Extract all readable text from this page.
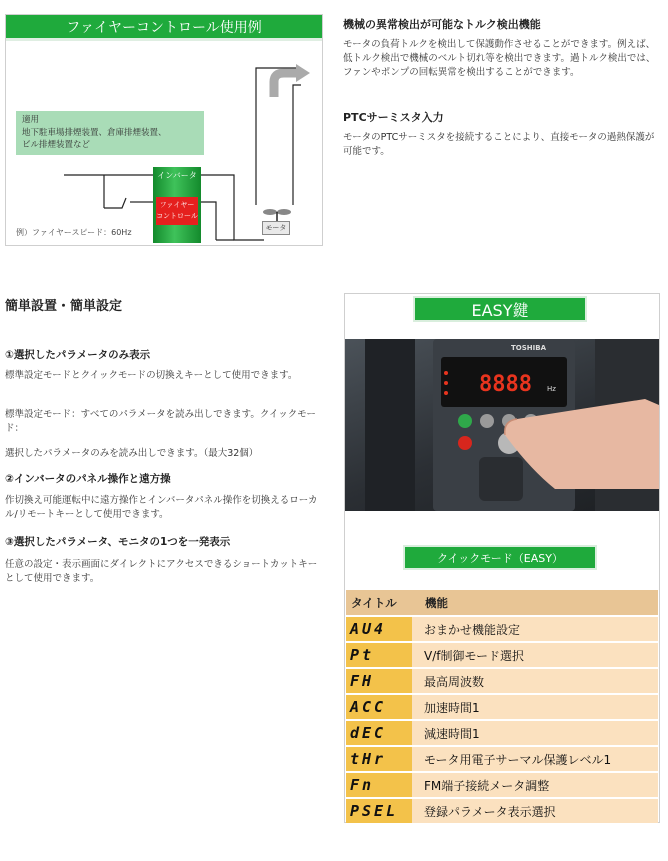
ファイヤーコントロール使用例
適用
地下駐車場排煙装置、倉庫排煙装置、
ビル排煙装置など
インバータ
ファイヤー
コントロール
モータ
例）ファイヤースピード：60Hz
機械の異常検出が可能なトルク検出機能
モータの負荷トルクを検出して保護動作させることができます。例えば、低トルク検出で機械のベルト切れ等を検出できます。過トルク検出では、ファンやポンプの回転異常を検出することができます。
PTCサーミスタ入力
モータのPTCサーミスタを接続することにより、直接モータの過熱保護が可能です。
簡単設置・簡単設定
①選択したパラメータのみ表示
標準設定モードとクイックモードの切換えキーとして使用できます。
標準設定モード：すべてのパラメータを読み出しできます。クイックモード：
選択したパラメータのみを読み出しできます。（最大32個）
②インバータのパネル操作と遠方操
作切換え可能運転中に遠方操作とインバータパネル操作を切換えるローカル/リモートキーとして使用できます。
③選択したパラメータ、モニタの1つを一発表示
任意の設定・表示画面にダイレクトにアクセスできるショートカットキーとして使用できます。
EASY鍵
8888 Hz
TOSHIBA
クイックモード（EASY）
タイトル	機能
AU4	おまかせ機能設定
Pt	V/f制御モード選択
FH	最高周波数
ACC	加速時間1
dEC	減速時間1
tHr	モータ用電子サーマル保護レベル1
Fn	FM端子接続メータ調整
PSEL	登録パラメータ表示選択
